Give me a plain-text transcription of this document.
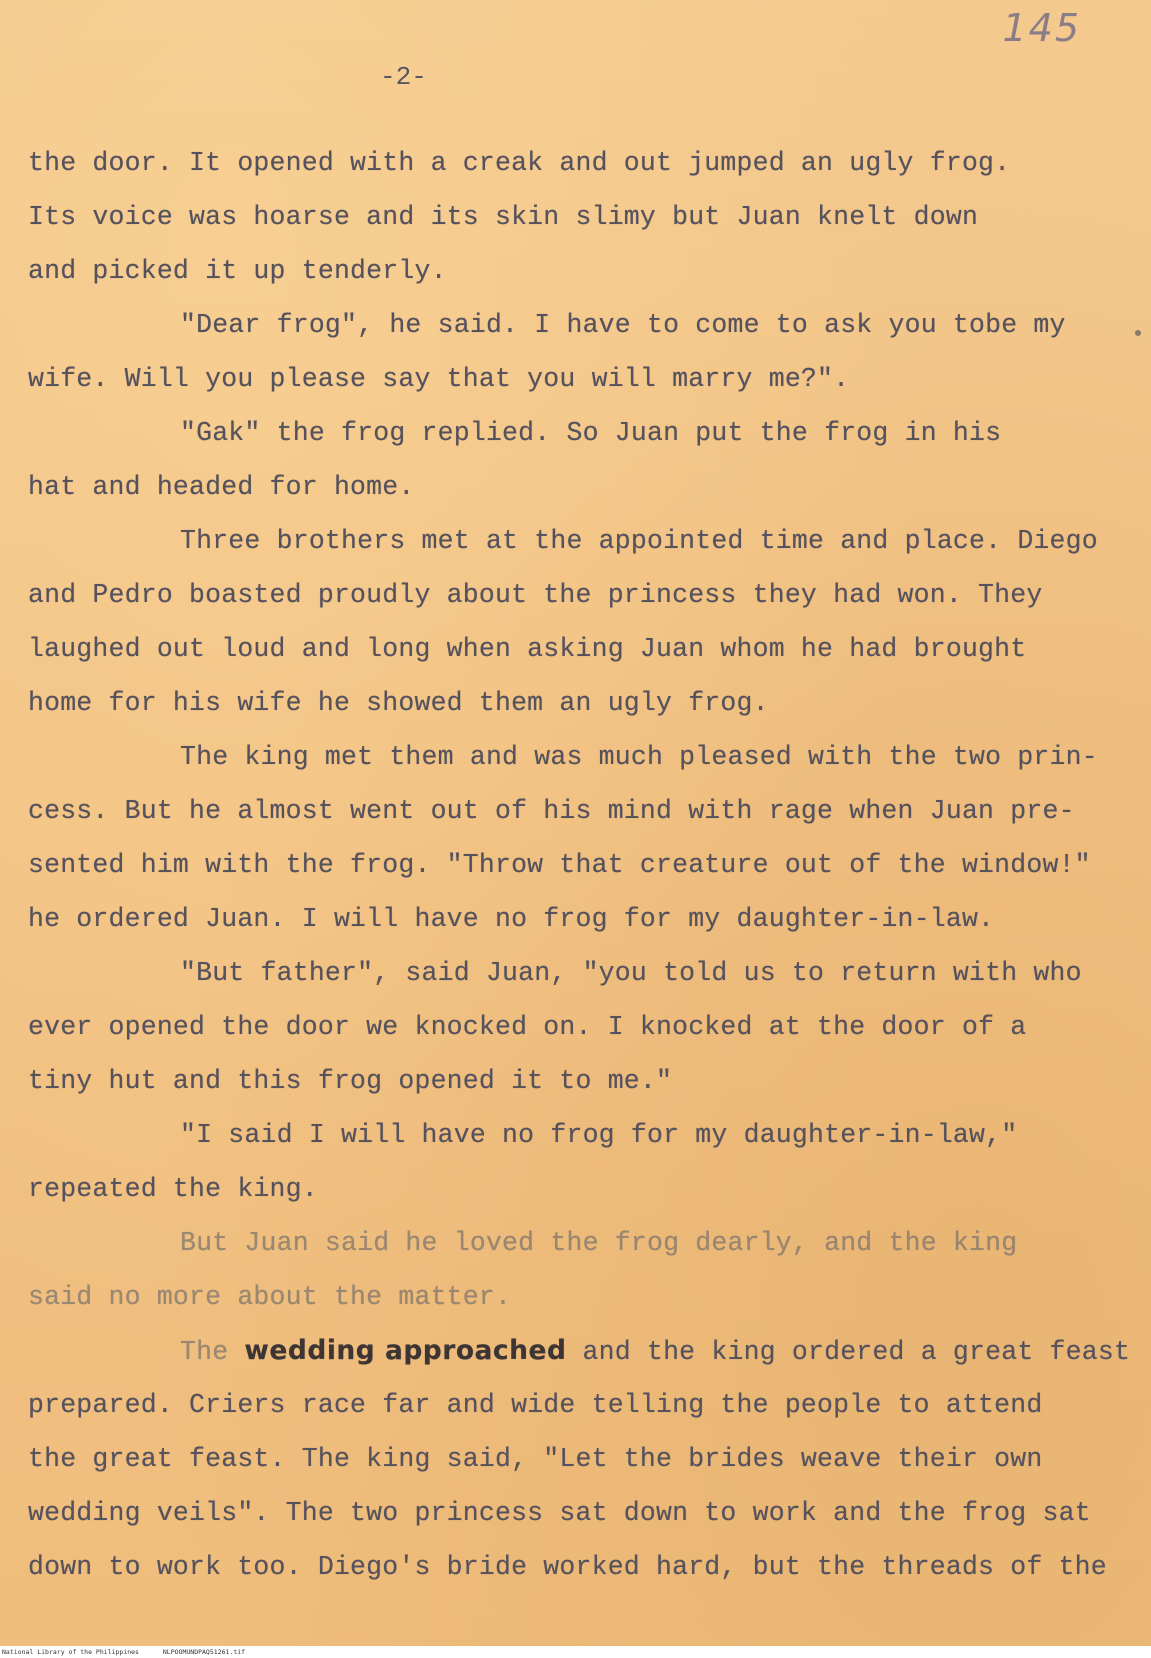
145
-2-
the door. It opened with a creak and out jumped an ugly frog.
Its voice was hoarse and its skin slimy but Juan knelt down
and picked it up tenderly.
"Dear frog", he said. I have to come to ask you tobe my
wife. Will you please say that you will marry me?".
"Gak" the frog replied. So Juan put the frog in his
hat and headed for home.
Three brothers met at the appointed time and place. Diego
and Pedro boasted proudly about the princess they had won. They
laughed out loud and long when asking Juan whom he had brought
home for his wife he showed them an ugly frog.
The king met them and was much pleased with the two prin-
cess. But he almost went out of his mind with rage when Juan pre-
sented him with the frog. "Throw that creature out of the window!"
he ordered Juan. I will have no frog for my daughter-in-law.
"But father", said Juan, "you told us to return with who
ever opened the door we knocked on. I knocked at the door of a
tiny hut and this frog opened it to me."
"I said I will have no frog for my daughter-in-law,"
repeated the king.
But Juan said he loved the frog dearly, and the king
said no more about the matter.
The wedding approached and the king ordered a great feast
prepared. Criers race far and wide telling the people to attend
the great feast. The king said, "Let the brides weave their own
wedding veils". The two princess sat down to work and the frog sat
down to work too. Diego's bride worked hard, but the threads of the
National Library of the Philippines	NLPOOMUNDPAQ51261.tif
